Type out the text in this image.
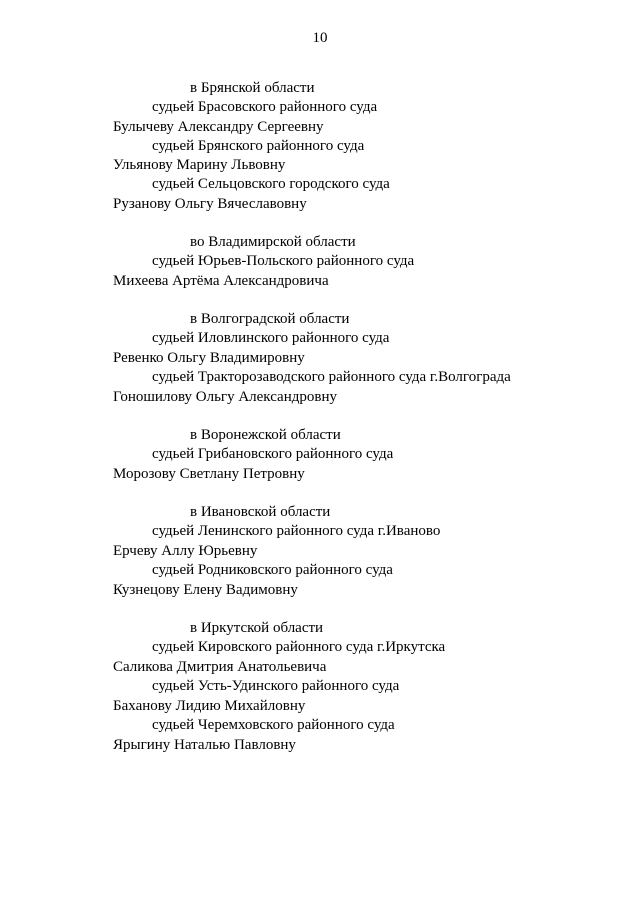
10
в Брянской области
судьей Брасовского районного суда
Булычеву Александру Сергеевну
судьей Брянского районного суда
Ульянову Марину Львовну
судьей Сельцовского городского суда
Рузанову Ольгу Вячеславовну
во Владимирской области
судьей Юрьев-Польского районного суда
Михеева Артёма Александровича
в Волгоградской области
судьей Иловлинского районного суда
Ревенко Ольгу Владимировну
судьей Тракторозаводского районного суда г.Волгограда
Гоношилову Ольгу Александровну
в Воронежской области
судьей Грибановского районного суда
Морозову Светлану Петровну
в Ивановской области
судьей Ленинского районного суда г.Иваново
Ерчеву Аллу Юрьевну
судьей Родниковского районного суда
Кузнецову Елену Вадимовну
в Иркутской области
судьей Кировского районного суда г.Иркутска
Саликова Дмитрия Анатольевича
судьей Усть-Удинского районного суда
Баханову Лидию Михайловну
судьей Черемховского районного суда
Ярыгину Наталью Павловну
